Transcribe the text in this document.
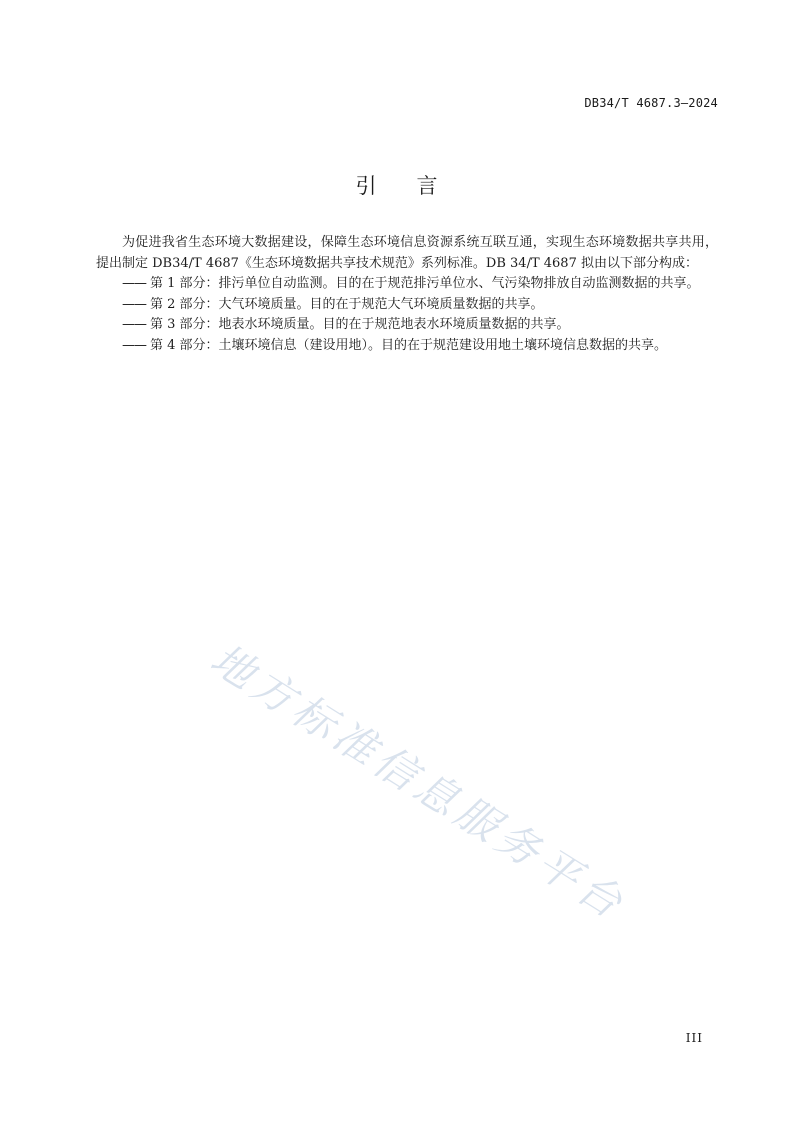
DB34/T 4687.3—2024
引言

为促进我省生态环境大数据建设，保障生态环境信息资源系统互联互通，实现生态环境数据共享共用，提出制定 DB34/T 4687《生态环境数据共享技术规范》系列标准。DB 34/T 4687 拟由以下部分构成：

—— 第 1 部分：排污单位自动监测。目的在于规范排污单位水、气污染物排放自动监测数据的共享。
—— 第 2 部分：大气环境质量。目的在于规范大气环境质量数据的共享。
—— 第 3 部分：地表水环境质量。目的在于规范地表水环境质量数据的共享。
—— 第 4 部分：土壤环境信息（建设用地）。目的在于规范建设用地土壤环境信息数据的共享。
地方标准信息服务平台
III
